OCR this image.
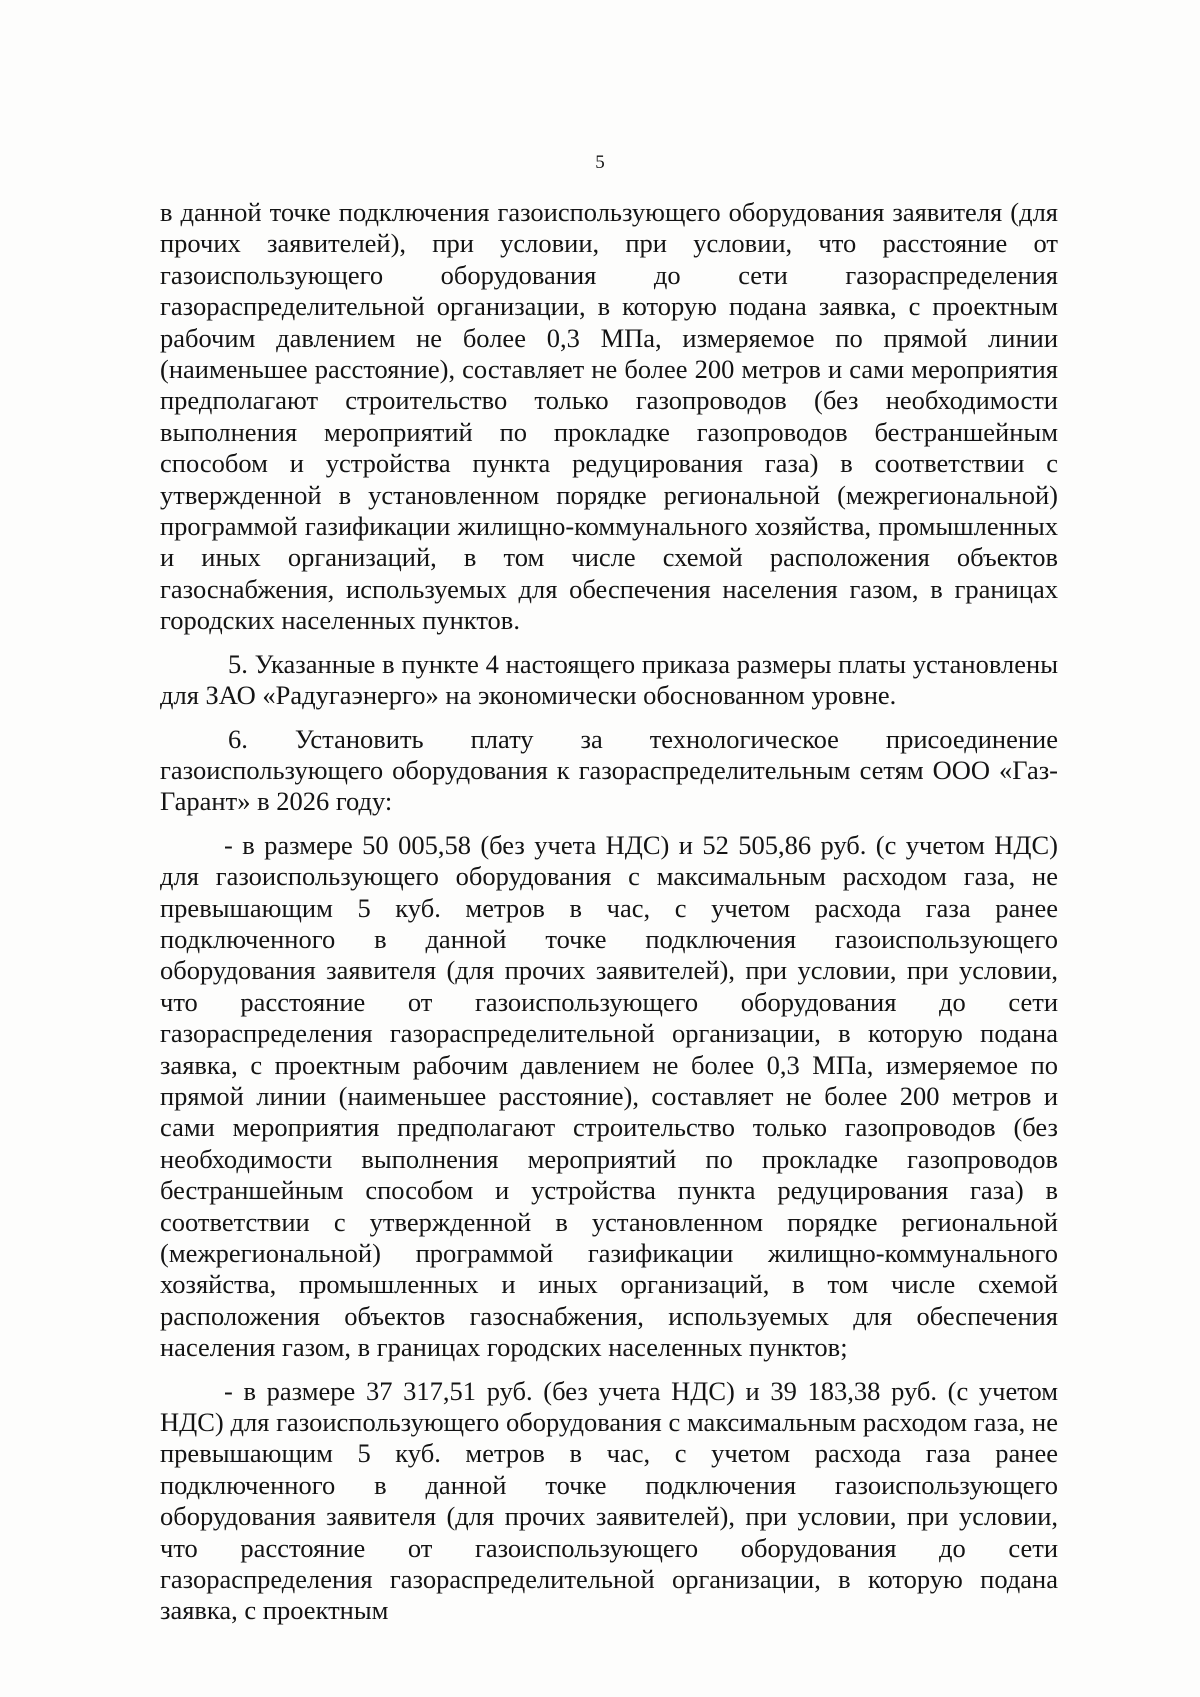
5

в данной точке подключения газоиспользующего оборудования заявителя (для прочих заявителей), при условии, при условии, что расстояние от газоиспользующего оборудования до сети газораспределения газораспределительной организации, в которую подана заявка, с проектным рабочим давлением не более 0,3 МПа, измеряемое по прямой линии (наименьшее расстояние), составляет не более 200 метров и сами мероприятия предполагают строительство только газопроводов (без необходимости выполнения мероприятий по прокладке газопроводов бестраншейным способом и устройства пункта редуцирования газа) в соответствии с утвержденной в установленном порядке региональной (межрегиональной) программой газификации жилищно-коммунального хозяйства, промышленных и иных организаций, в том числе схемой расположения объектов газоснабжения, используемых для обеспечения населения газом, в границах городских населенных пунктов.

5. Указанные в пункте 4 настоящего приказа размеры платы установлены для ЗАО «Радугаэнерго» на экономически обоснованном уровне.

6. Установить плату за технологическое присоединение газоиспользующего оборудования к газораспределительным сетям ООО «Газ-Гарант» в 2026 году:

- в размере 50 005,58 (без учета НДС) и 52 505,86 руб. (с учетом НДС) для газоиспользующего оборудования с максимальным расходом газа, не превышающим 5 куб. метров в час, с учетом расхода газа ранее подключенного в данной точке подключения газоиспользующего оборудования заявителя (для прочих заявителей), при условии, при условии, что расстояние от газоиспользующего оборудования до сети газораспределения газораспределительной организации, в которую подана заявка, с проектным рабочим давлением не более 0,3 МПа, измеряемое по прямой линии (наименьшее расстояние), составляет не более 200 метров и сами мероприятия предполагают строительство только газопроводов (без необходимости выполнения мероприятий по прокладке газопроводов бестраншейным способом и устройства пункта редуцирования газа) в соответствии с утвержденной в установленном порядке региональной (межрегиональной) программой газификации жилищно-коммунального хозяйства, промышленных и иных организаций, в том числе схемой расположения объектов газоснабжения, используемых для обеспечения населения газом, в границах городских населенных пунктов;

- в размере 37 317,51 руб. (без учета НДС) и 39 183,38 руб. (с учетом НДС) для газоиспользующего оборудования с максимальным расходом газа, не превышающим 5 куб. метров в час, с учетом расхода газа ранее подключенного в данной точке подключения газоиспользующего оборудования заявителя (для прочих заявителей), при условии, при условии, что расстояние от газоиспользующего оборудования до сети газораспределения газораспределительной организации, в которую подана заявка, с проектным
